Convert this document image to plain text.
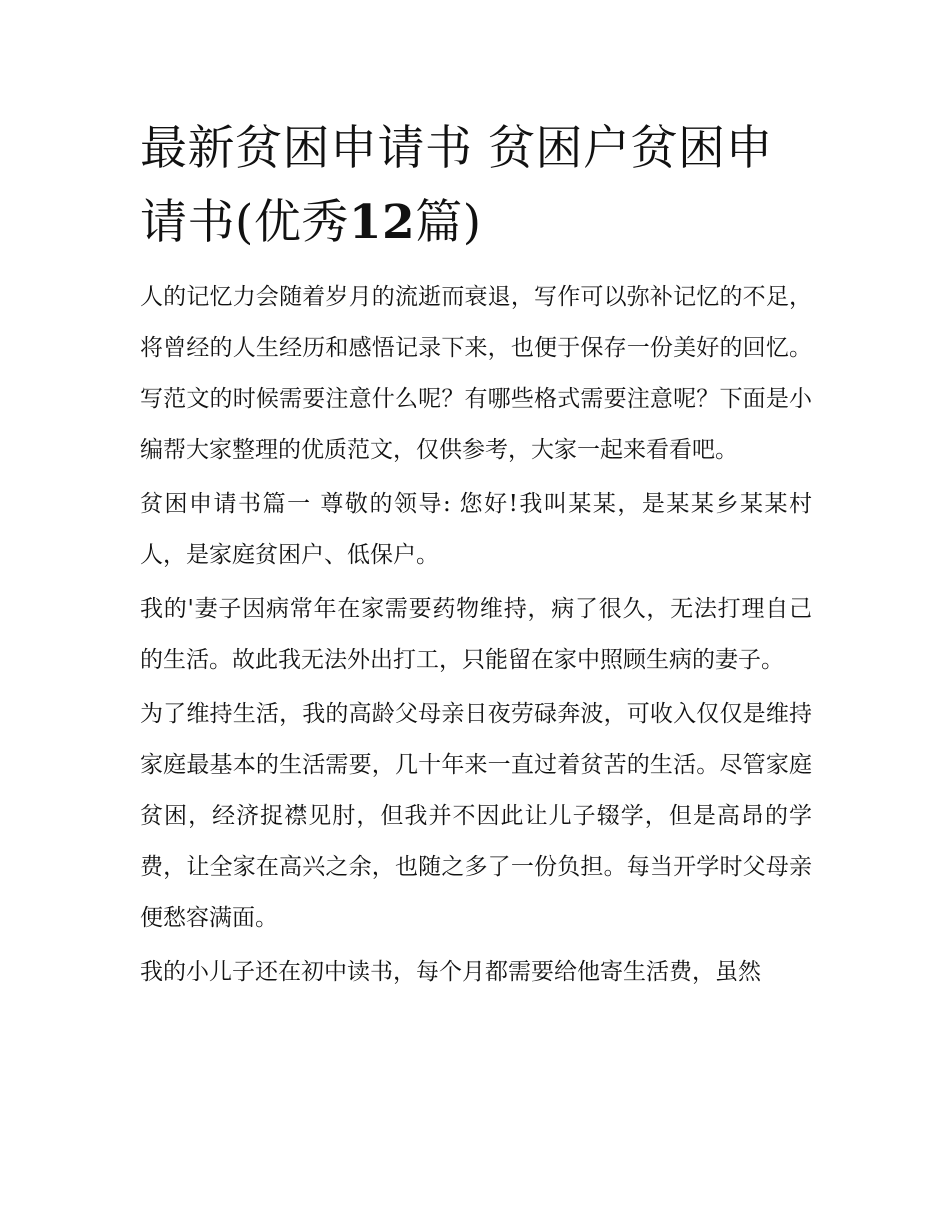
最新贫困申请书 贫困户贫困申请书(优秀12篇)

人的记忆力会随着岁月的流逝而衰退，写作可以弥补记忆的不足，将曾经的人生经历和感悟记录下来，也便于保存一份美好的回忆。写范文的时候需要注意什么呢？有哪些格式需要注意呢？下面是小编帮大家整理的优质范文，仅供参考，大家一起来看看吧。

贫困申请书篇一 尊敬的领导: 您好!我叫某某，是某某乡某某村人，是家庭贫困户、低保户。

我的'妻子因病常年在家需要药物维持，病了很久，无法打理自己的生活。故此我无法外出打工，只能留在家中照顾生病的妻子。

为了维持生活，我的高龄父母亲日夜劳碌奔波，可收入仅仅是维持家庭最基本的生活需要，几十年来一直过着贫苦的生活。尽管家庭贫困，经济捉襟见肘，但我并不因此让儿子辍学，但是高昂的学费，让全家在高兴之余，也随之多了一份负担。每当开学时父母亲便愁容满面。

我的小儿子还在初中读书，每个月都需要给他寄生活费，虽然
